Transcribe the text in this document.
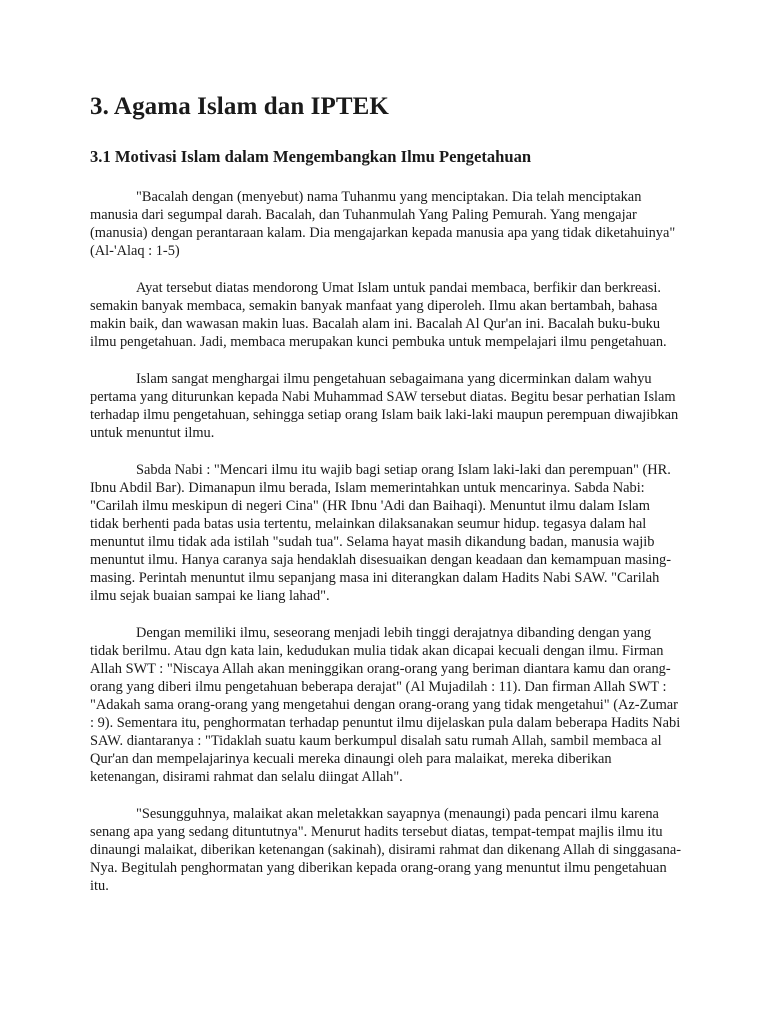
3. Agama Islam dan IPTEK
3.1 Motivasi Islam dalam Mengembangkan Ilmu Pengetahuan

"Bacalah dengan (menyebut) nama Tuhanmu yang menciptakan. Dia telah menciptakan manusia dari segumpal darah. Bacalah, dan Tuhanmulah Yang Paling Pemurah. Yang mengajar (manusia) dengan perantaraan kalam. Dia mengajarkan kepada manusia apa yang tidak diketahuinya" (Al-'Alaq : 1-5)

Ayat tersebut diatas mendorong Umat Islam untuk pandai membaca, berfikir dan berkreasi. semakin banyak membaca, semakin banyak manfaat yang diperoleh. Ilmu akan bertambah, bahasa makin baik, dan wawasan makin luas. Bacalah alam ini. Bacalah Al Qur'an ini. Bacalah buku-buku ilmu pengetahuan. Jadi, membaca merupakan kunci pembuka untuk mempelajari ilmu pengetahuan.

Islam sangat menghargai ilmu pengetahuan sebagaimana yang dicerminkan dalam wahyu pertama yang diturunkan kepada Nabi Muhammad SAW tersebut diatas. Begitu besar perhatian Islam terhadap ilmu pengetahuan, sehingga setiap orang Islam baik laki-laki maupun perempuan diwajibkan untuk menuntut ilmu.

Sabda Nabi : "Mencari ilmu itu wajib bagi setiap orang Islam laki-laki dan perempuan" (HR. Ibnu Abdil Bar). Dimanapun ilmu berada, Islam memerintahkan untuk mencarinya. Sabda Nabi: "Carilah ilmu meskipun di negeri Cina" (HR Ibnu 'Adi dan Baihaqi). Menuntut ilmu dalam Islam tidak berhenti pada batas usia tertentu, melainkan dilaksanakan seumur hidup. tegasya dalam hal menuntut ilmu tidak ada istilah "sudah tua". Selama hayat masih dikandung badan, manusia wajib menuntut ilmu. Hanya caranya saja hendaklah disesuaikan dengan keadaan dan kemampuan masing-masing. Perintah menuntut ilmu sepanjang masa ini diterangkan dalam Hadits Nabi SAW. "Carilah ilmu sejak buaian sampai ke liang lahad".

Dengan memiliki ilmu, seseorang menjadi lebih tinggi derajatnya dibanding dengan yang tidak berilmu. Atau dgn kata lain, kedudukan mulia tidak akan dicapai kecuali dengan ilmu. Firman Allah SWT : "Niscaya Allah akan meninggikan orang-orang yang beriman diantara kamu dan orang-orang yang diberi ilmu pengetahuan beberapa derajat" (Al Mujadilah : 11). Dan firman Allah SWT : "Adakah sama orang-orang yang mengetahui dengan orang-orang yang tidak mengetahui" (Az-Zumar : 9). Sementara itu, penghormatan terhadap penuntut ilmu dijelaskan pula dalam beberapa Hadits Nabi SAW. diantaranya : "Tidaklah suatu kaum berkumpul disalah satu rumah Allah, sambil membaca al Qur'an dan mempelajarinya kecuali mereka dinaungi oleh para malaikat, mereka diberikan ketenangan, disirami rahmat dan selalu diingat Allah".

"Sesungguhnya, malaikat akan meletakkan sayapnya (menaungi) pada pencari ilmu karena senang apa yang sedang dituntutnya". Menurut hadits tersebut diatas, tempat-tempat majlis ilmu itu dinaungi malaikat, diberikan ketenangan (sakinah), disirami rahmat dan dikenang Allah di singgasana-Nya. Begitulah penghormatan yang diberikan kepada orang-orang yang menuntut ilmu pengetahuan itu.
